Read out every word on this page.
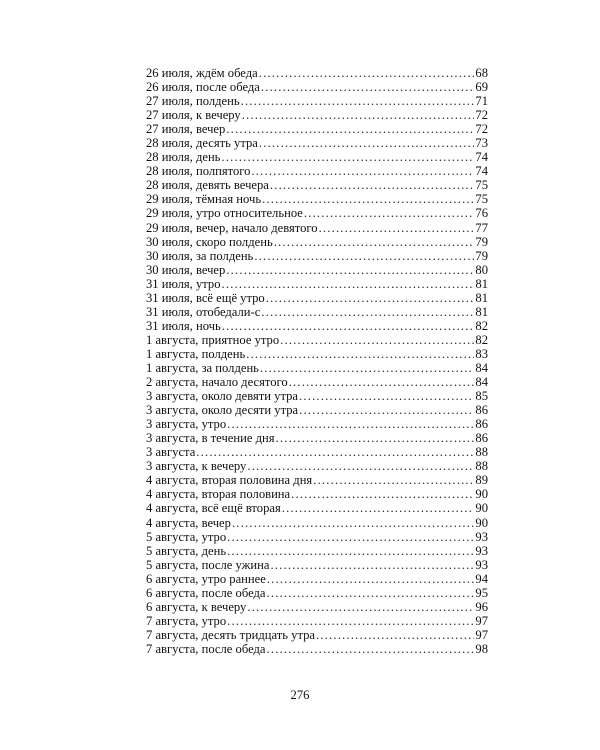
26 июля, ждём обеда .....	68
26 июля, после обеда .....	69
27 июля, полдень .....	71
27 июля, к вечеру .....	72
27 июля, вечер .....	72
28 июля, десять утра .....	73
28 июля, день .....	74
28 июля, полпятого .....	74
28 июля, девять вечера .....	75
29 июля, тёмная ночь .....	75
29 июля, утро относительное .....	76
29 июля, вечер, начало девятого .....	77
30 июля, скоро полдень .....	79
30 июля, за полдень .....	79
30 июля, вечер .....	80
31 июля, утро .....	81
31 июля, всё ещё утро .....	81
31 июля, отобедали-с .....	81
31 июля, ночь .....	82
1 августа, приятное утро .....	82
1 августа, полдень .....	83
1 августа, за полдень .....	84
2 августа, начало десятого .....	84
3 августа, около девяти утра .....	85
3 августа, около десяти утра .....	86
3 августа, утро .....	86
3 августа, в течение дня .....	86
3 августа .....	88
3 августа, к вечеру .....	88
4 августа, вторая половина дня .....	89
4 августа, вторая половина .....	90
4 августа, всё ещё вторая .....	90
4 августа, вечер .....	90
5 августа, утро .....	93
5 августа, день .....	93
5 августа, после ужина .....	93
6 августа, утро раннее .....	94
6 августа, после обеда .....	95
6 августа, к вечеру .....	96
7 августа, утро .....	97
7 августа, десять тридцать утра .....	97
7 августа, после обеда .....	98
276
